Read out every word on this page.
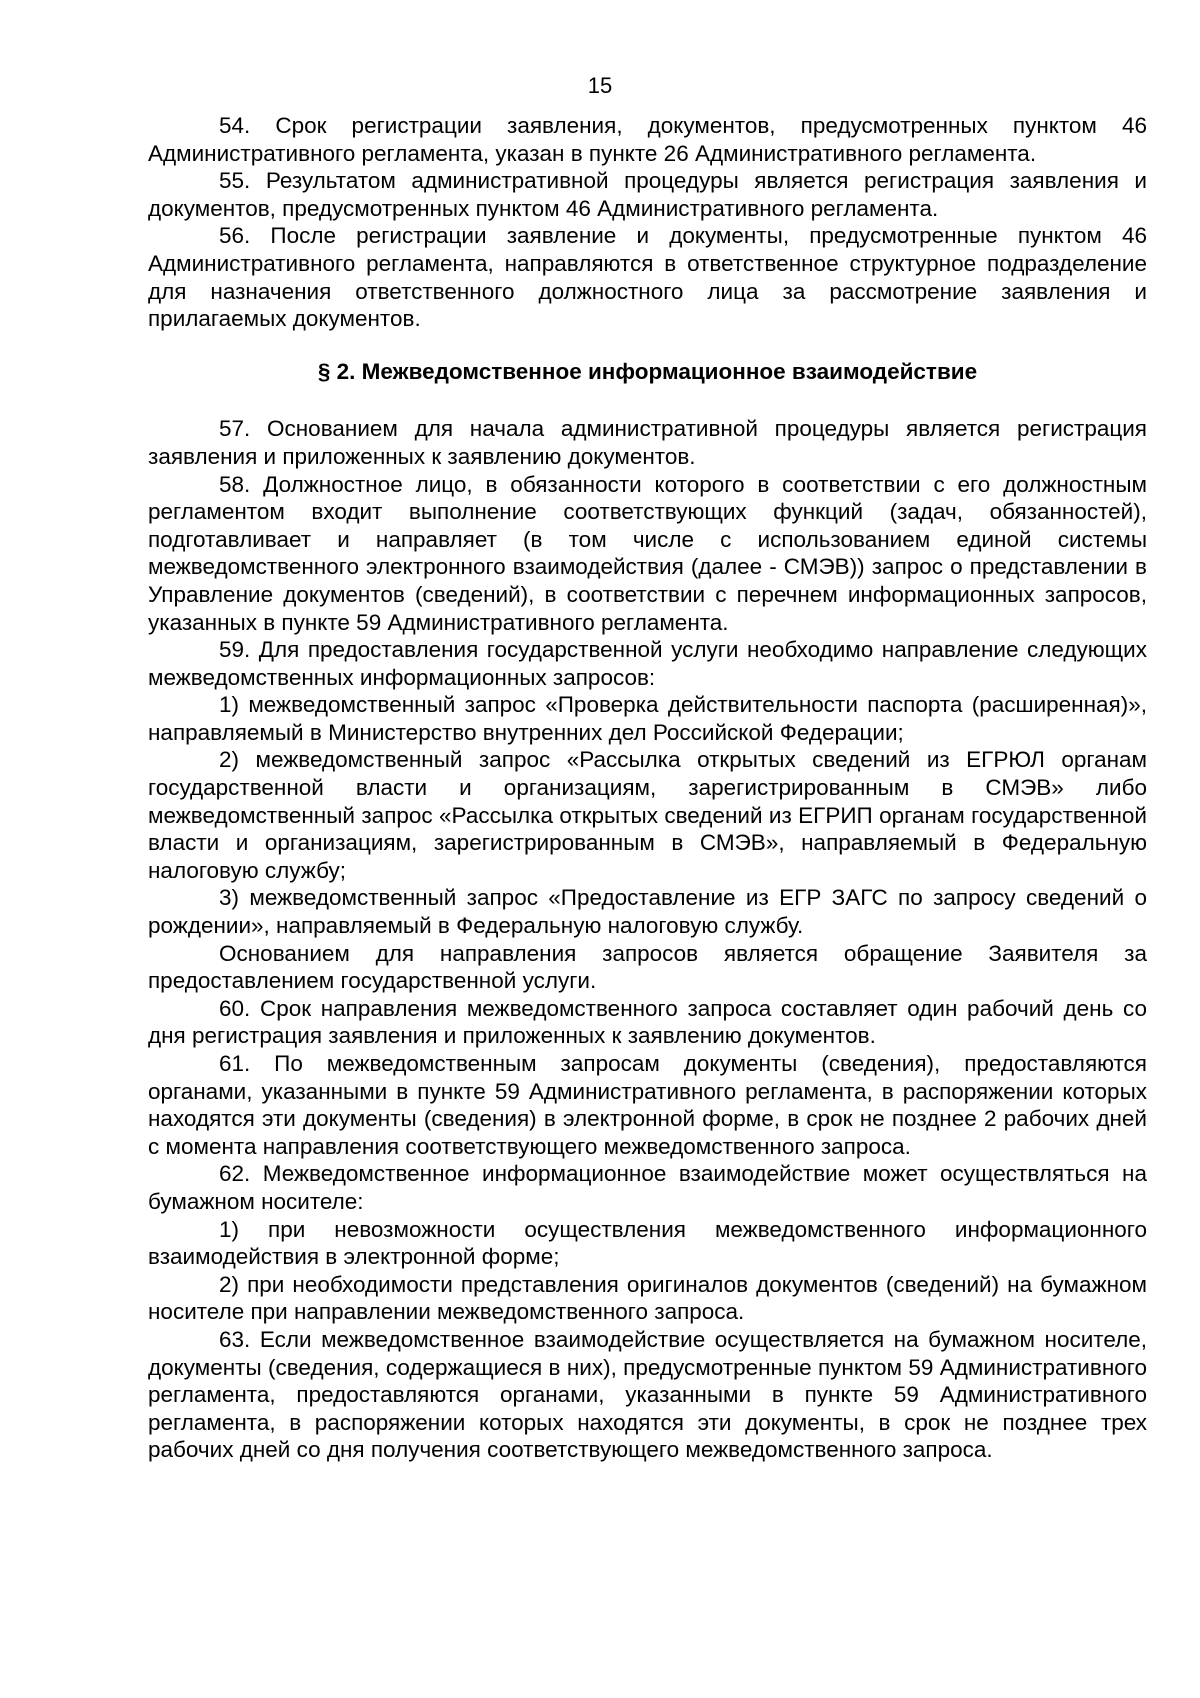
15

54. Срок регистрации заявления, документов, предусмотренных пунктом 46 Административного регламента, указан в пункте 26 Административного регламента.

55. Результатом административной процедуры является регистрация заявления и документов, предусмотренных пунктом 46 Административного регламента.

56. После регистрации заявление и документы, предусмотренные пунктом 46 Административного регламента, направляются в ответственное структурное подразделение для назначения ответственного должностного лица за рассмотрение заявления и прилагаемых документов.

§ 2. Межведомственное информационное взаимодействие

57. Основанием для начала административной процедуры является регистрация заявления и приложенных к заявлению документов.

58. Должностное лицо, в обязанности которого в соответствии с его должностным регламентом входит выполнение соответствующих функций (задач, обязанностей), подготавливает и направляет (в том числе с использованием единой системы межведомственного электронного взаимодействия (далее - СМЭВ)) запрос о представлении в Управление документов (сведений), в соответствии с перечнем информационных запросов, указанных в пункте 59 Административного регламента.

59. Для предоставления государственной услуги необходимо направление следующих межведомственных информационных запросов:

1) межведомственный запрос «Проверка действительности паспорта (расширенная)», направляемый в Министерство внутренних дел Российской Федерации;

2) межведомственный запрос «Рассылка открытых сведений из ЕГРЮЛ органам государственной власти и организациям, зарегистрированным в СМЭВ» либо межведомственный запрос «Рассылка открытых сведений из ЕГРИП органам государственной власти и организациям, зарегистрированным в СМЭВ», направляемый в Федеральную налоговую службу;

3) межведомственный запрос «Предоставление из ЕГР ЗАГС по запросу сведений о рождении», направляемый в Федеральную налоговую службу.

Основанием для направления запросов является обращение Заявителя за предоставлением государственной услуги.

60. Срок направления межведомственного запроса составляет один рабочий день со дня регистрация заявления и приложенных к заявлению документов.

61. По межведомственным запросам документы (сведения), предоставляются органами, указанными в пункте 59 Административного регламента, в распоряжении которых находятся эти документы (сведения) в электронной форме, в срок не позднее 2 рабочих дней с момента направления соответствующего межведомственного запроса.

62. Межведомственное информационное взаимодействие может осуществляться на бумажном носителе:

1) при невозможности осуществления межведомственного информационного взаимодействия в электронной форме;

2) при необходимости представления оригиналов документов (сведений) на бумажном носителе при направлении межведомственного запроса.

63. Если межведомственное взаимодействие осуществляется на бумажном носителе, документы (сведения, содержащиеся в них), предусмотренные пунктом 59 Административного регламента, предоставляются органами, указанными в пункте 59 Административного регламента, в распоряжении которых находятся эти документы, в срок не позднее трех рабочих дней со дня получения соответствующего межведомственного запроса.
